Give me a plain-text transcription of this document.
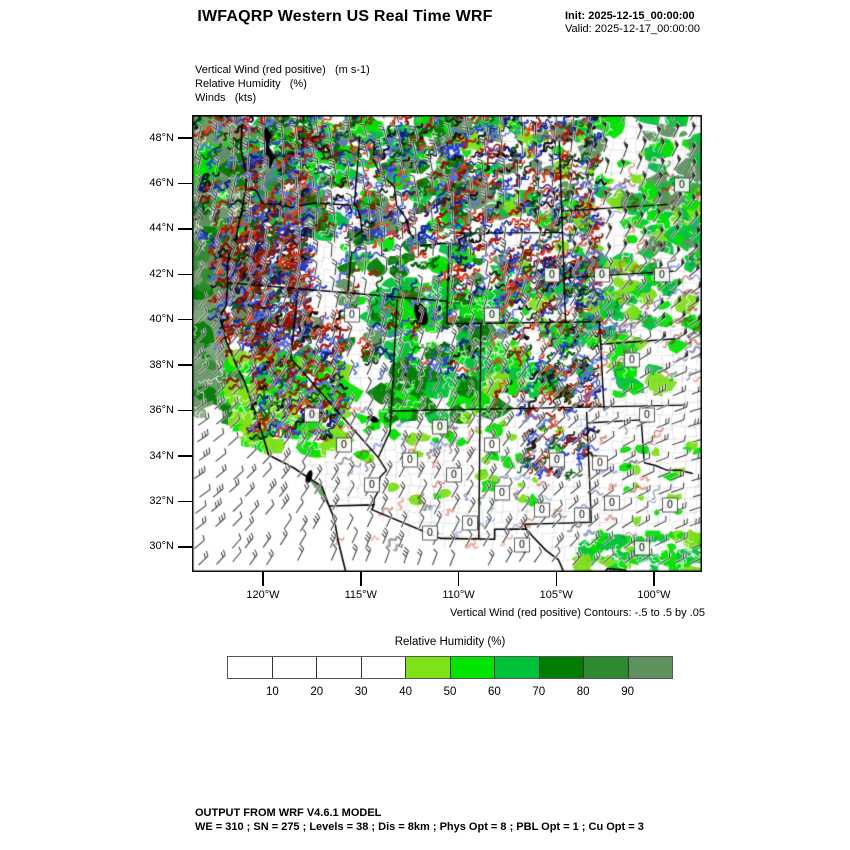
IWFAQRP Western US Real Time WRF	Init: 2025-12-15_00:00:00
Valid: 2025-12-17_00:00:00
Vertical Wind (red positive)   (m s-1)
Relative Humidity   (%)
Winds   (kts)
48°N
46°N
44°N
42°N
40°N
38°N
36°N
34°N
32°N
30°N
120°W	115°W	110°W	105°W	100°W
Vertical Wind (red positive) Contours: -.5 to .5 by .05
Relative Humidity (%)
10	20	30	40	50	60	70	80	90
OUTPUT FROM WRF V4.6.1 MODEL
WE = 310 ; SN = 275 ; Levels = 38 ; Dis = 8km ; Phys Opt = 8 ; PBL Opt = 1 ; Cu Opt = 3
